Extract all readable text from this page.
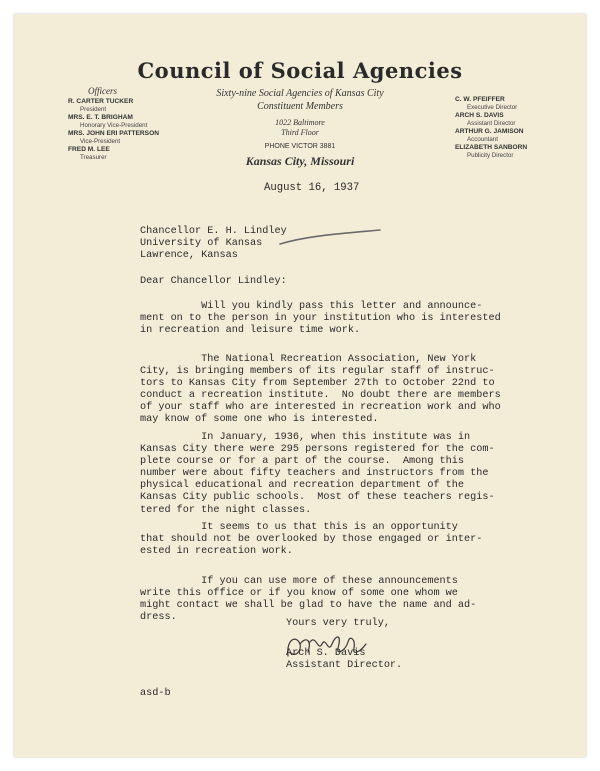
Council of Social Agencies
Sixty-nine Social Agencies of Kansas City
Constituent Members
1022 Baltimore
Third Floor
PHONE VICTOR 3881
Kansas City, Missouri
Officers
R. CARTER TUCKER
President
MRS. E. T. BRIGHAM
Honorary Vice-President
MRS. JOHN ERI PATTERSON
Vice-President
FRED M. LEE
Treasurer
C. W. PFEIFFER
Executive Director
ARCH S. DAVIS
Assistant Director
ARTHUR G. JAMISON
Accountant
ELIZABETH SANBORN
Publicity Director
August 16, 1937
Chancellor E. H. Lindley
University of Kansas
Lawrence, Kansas
Dear Chancellor Lindley:
Will you kindly pass this letter and announce-
ment on to the person in your institution who is interested
in recreation and leisure time work.
The National Recreation Association, New York
City, is bringing members of its regular staff of instruc-
tors to Kansas City from September 27th to October 22nd to
conduct a recreation institute.  No doubt there are members
of your staff who are interested in recreation work and who
may know of some one who is interested.
In January, 1936, when this institute was in
Kansas City there were 295 persons registered for the com-
plete course or for a part of the course.  Among this
number were about fifty teachers and instructors from the
physical educational and recreation department of the
Kansas City public schools.  Most of these teachers regis-
tered for the night classes.
It seems to us that this is an opportunity
that should not be overlooked by those engaged or inter-
ested in recreation work.
If you can use more of these announcements
write this office or if you know of some one whom we
might contact we shall be glad to have the name and ad-
dress.
Yours very truly,
Arch S. Davis
Assistant Director.
asd-b
